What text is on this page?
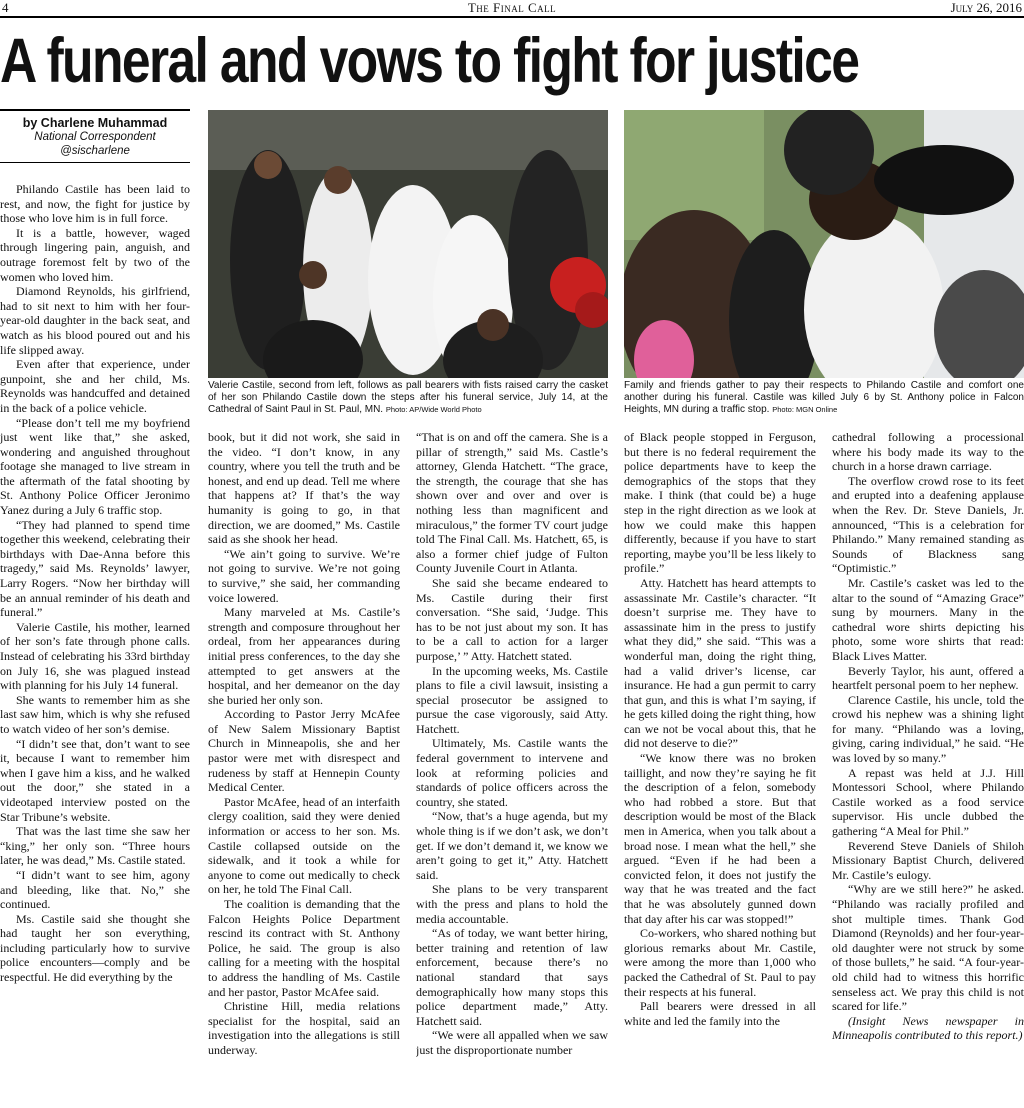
4	The Final Call	July 26, 2016
A funeral and vows to fight for justice
by Charlene Muhammad
National Correspondent
@sischarlene
Valerie Castile, second from left, follows as pall bearers with fists raised carry the casket of her son Philando Castile down the steps after his funeral service, July 14, at the Cathedral of Saint Paul in St. Paul, MN. Photo: AP/Wide World Photo
Family and friends gather to pay their respects to Philando Castile and comfort one another during his funeral. Castile was killed July 6 by St. Anthony police in Falcon Heights, MN during a traffic stop. Photo: MGN Online

Philando Castile has been laid to rest, and now, the fight for justice by those who love him is in full force.

It is a battle, however, waged through lingering pain, anguish, and outrage foremost felt by two of the women who loved him.

Diamond Reynolds, his girlfriend, had to sit next to him with her four-year-old daughter in the back seat, and watch as his blood poured out and his life slipped away.

Even after that experience, under gunpoint, she and her child, Ms. Reynolds was handcuffed and detained in the back of a police vehicle.

“Please don’t tell me my boyfriend just went like that,” she asked, wondering and anguished throughout footage she managed to live stream in the aftermath of the fatal shooting by St. Anthony Police Officer Jeronimo Yanez during a July 6 traffic stop.

“They had planned to spend time together this weekend, celebrating their birthdays with Dae-Anna before this tragedy,” said Ms. Reynolds’ lawyer, Larry Rogers. “Now her birthday will be an annual reminder of his death and funeral.”

Valerie Castile, his mother, learned of her son’s fate through phone calls. Instead of celebrating his 33rd birthday on July 16, she was plagued instead with planning for his July 14 funeral.

She wants to remember him as she last saw him, which is why she refused to watch video of her son’s demise.

“I didn’t see that, don’t want to see it, because I want to remember him when I gave him a kiss, and he walked out the door,” she stated in a videotaped interview posted on the Star Tribune’s website.

That was the last time she saw her “king,” her only son. “Three hours later, he was dead,” Ms. Castile stated.

“I didn’t want to see him, agony and bleeding, like that. No,” she continued.

Ms. Castile said she thought she had taught her son everything, including particularly how to survive police encounters—comply and be respectful. He did everything by the

book, but it did not work, she said in the video. “I don’t know, in any country, where you tell the truth and be honest, and end up dead. Tell me where that happens at? If that’s the way humanity is going to go, in that direction, we are doomed,” Ms. Castile said as she shook her head.

“We ain’t going to survive. We’re not going to survive. We’re not going to survive,” she said, her commanding voice lowered.

Many marveled at Ms. Castile’s strength and composure throughout her ordeal, from her appearances during initial press conferences, to the day she attempted to get answers at the hospital, and her demeanor on the day she buried her only son.

According to Pastor Jerry McAfee of New Salem Missionary Baptist Church in Minneapolis, she and her pastor were met with disrespect and rudeness by staff at Hennepin County Medical Center.

Pastor McAfee, head of an interfaith clergy coalition, said they were denied information or access to her son. Ms. Castile collapsed outside on the sidewalk, and it took a while for anyone to come out medically to check on her, he told The Final Call.

The coalition is demanding that the Falcon Heights Police Department rescind its contract with St. Anthony Police, he said. The group is also calling for a meeting with the hospital to address the handling of Ms. Castile and her pastor, Pastor McAfee said.

Christine Hill, media relations specialist for the hospital, said an investigation into the allegations is still underway.

“That is on and off the camera. She is a pillar of strength,” said Ms. Castle’s attorney, Glenda Hatchett. “The grace, the strength, the courage that she has shown over and over and over is nothing less than magnificent and miraculous,” the former TV court judge told The Final Call. Ms. Hatchett, 65, is also a former chief judge of Fulton County Juvenile Court in Atlanta.

She said she became endeared to Ms. Castile during their first conversation. “She said, ‘Judge. This has to be not just about my son. It has to be a call to action for a larger purpose,’ ” Atty. Hatchett stated.

In the upcoming weeks, Ms. Castile plans to file a civil lawsuit, insisting a special prosecutor be assigned to pursue the case vigorously, said Atty. Hatchett.

Ultimately, Ms. Castile wants the federal government to intervene and look at reforming policies and standards of police officers across the country, she stated.

“Now, that’s a huge agenda, but my whole thing is if we don’t ask, we don’t get. If we don’t demand it, we know we aren’t going to get it,” Atty. Hatchett said.

She plans to be very transparent with the press and plans to hold the media accountable.

“As of today, we want better hiring, better training and retention of law enforcement, because there’s no national standard that says demographically how many stops this police department made,” Atty. Hatchett said.

“We were all appalled when we saw just the disproportionate number

of Black people stopped in Ferguson, but there is no federal requirement the police departments have to keep the demographics of the stops that they make. I think (that could be) a huge step in the right direction as we look at how we could make this happen differently, because if you have to start reporting, maybe you’ll be less likely to profile.”

Atty. Hatchett has heard attempts to assassinate Mr. Castile’s character. “It doesn’t surprise me. They have to assassinate him in the press to justify what they did,” she said. “This was a wonderful man, doing the right thing, had a valid driver’s license, car insurance. He had a gun permit to carry that gun, and this is what I’m saying, if he gets killed doing the right thing, how can we not be vocal about this, that he did not deserve to die?”

“We know there was no broken taillight, and now they’re saying he fit the description of a felon, somebody who had robbed a store. But that description would be most of the Black men in America, when you talk about a broad nose. I mean what the hell,” she argued. “Even if he had been a convicted felon, it does not justify the way that he was treated and the fact that he was absolutely gunned down that day after his car was stopped!”

Co-workers, who shared nothing but glorious remarks about Mr. Castile, were among the more than 1,000 who packed the Cathedral of St. Paul to pay their respects at his funeral.

Pall bearers were dressed in all white and led the family into the

cathedral following a processional where his body made its way to the church in a horse drawn carriage.

The overflow crowd rose to its feet and erupted into a deafening applause when the Rev. Dr. Steve Daniels, Jr. announced, “This is a celebration for Philando.” Many remained standing as Sounds of Blackness sang “Optimistic.”

Mr. Castile’s casket was led to the altar to the sound of “Amazing Grace” sung by mourners. Many in the cathedral wore shirts depicting his photo, some wore shirts that read: Black Lives Matter.

Beverly Taylor, his aunt, offered a heartfelt personal poem to her nephew.

Clarence Castile, his uncle, told the crowd his nephew was a shining light for many. “Philando was a loving, giving, caring individual,” he said. “He was loved by so many.”

A repast was held at J.J. Hill Montessori School, where Philando Castile worked as a food service supervisor. His uncle dubbed the gathering “A Meal for Phil.”

Reverend Steve Daniels of Shiloh Missionary Baptist Church, delivered Mr. Castile’s eulogy.

“Why are we still here?” he asked. “Philando was racially profiled and shot multiple times. Thank God Diamond (Reynolds) and her four-year-old daughter were not struck by some of those bullets,” he said. “A four-year-old child had to witness this horrific senseless act. We pray this child is not scared for life.”

(Insight News newspaper in Minneapolis contributed to this report.)
